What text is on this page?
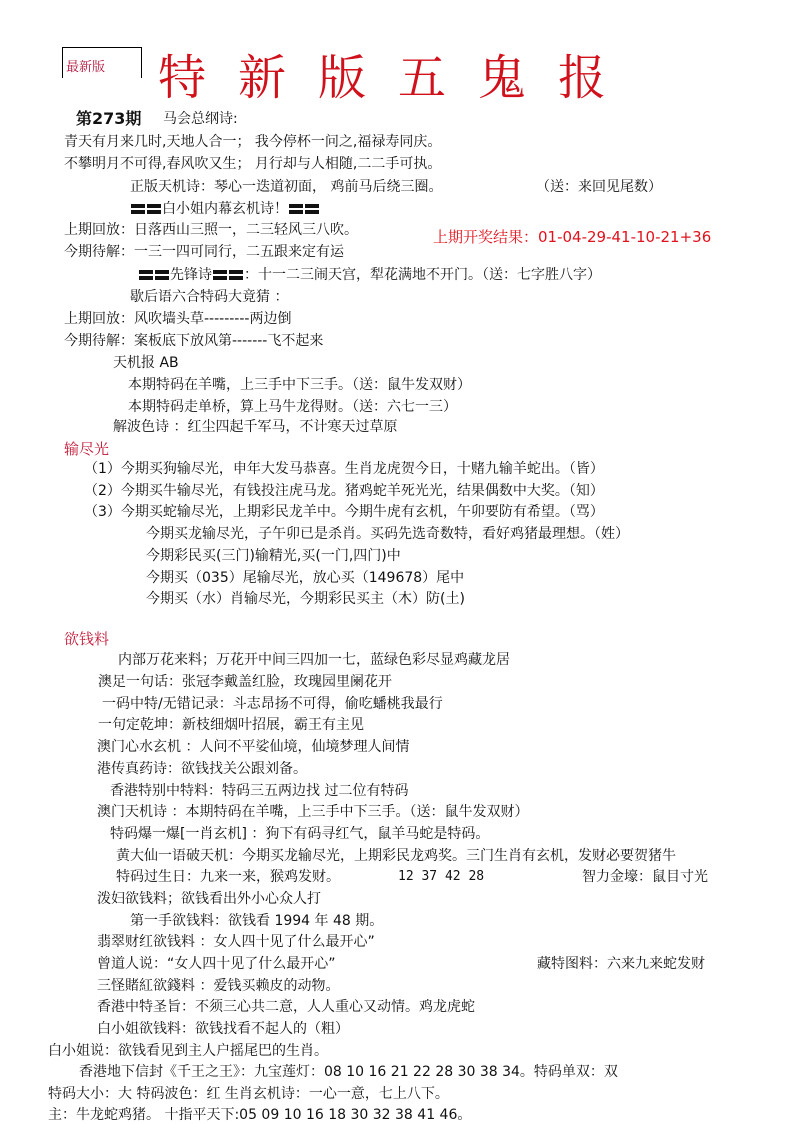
最新版 特新版五鬼报
第273期 马会总纲诗:
青天有月来几时,天地人合一； 我今停杯一问之,福禄寿同庆。
不攀明月不可得,春风吹又生； 月行却与人相随,二二手可执。
正版天机诗：琴心一迭道初面， 鸡前马后绕三圈。	（送：来回见尾数）
白小姐内幕玄机诗！
上期开奖结果：01-04-29-41-10-21+36
上期回放：日落西山三照一，二三轻风三八吹。
今期待解：一三一四可同行，二五跟来定有运
先锋诗 ：十一二三闹天宫，犁花满地不开门。（送：七字胜八字）
歇后语六合特码大竟猜 ：
上期回放：风吹墙头草---------两边倒
今期待解：案板底下放风第-------飞不起来
天机报 AB
本期特码在羊嘴，上三手中下三手。（送：鼠牛发双财）
本期特码走单桥，算上马牛龙得财。（送：六七一三）
解波色诗 ：红尘四起千军马，不计寒天过草原
输尽光
（1）今期买狗输尽光，申年大发马恭喜。生肖龙虎贺今日，十赌九输羊蛇出。（皆）
（2）今期买牛输尽光，有钱投注虎马龙。猪鸡蛇羊死光光，结果偶数中大奖。（知）
（3）今期买蛇输尽光，上期彩民龙羊中。今期牛虎有玄机，午卯要防有希望。（骂）
今期买龙输尽光，子午卯已是杀肖。买码先选奇数特，看好鸡猪最理想。（姓）
今期彩民买(三门)输精光,买(一门,四门)中
今期买（035）尾输尽光，放心买（149678）尾中
今期买（水）肖输尽光，今期彩民买主（木）防(土)
欲钱料
内部万花来料；万花开中间三四加一七，蓝绿色彩尽显鸡藏龙居
澳足一句话：张冠李戴盖红脸，玫瑰园里阑花开
一码中特/无错记录：斗志昂扬不可得，偷吃蟠桃我最行
一句定乾坤：新枝细烟叶招展，霸王有主见
澳门心水玄机 ：人问不平娑仙境，仙境梦理人间情
港传真药诗：欲钱找关公跟刘备。
香港特别中特料：特码三五两边找 过二位有特码
澳门天机诗 ：本期特码在羊嘴，上三手中下三手。（送：鼠牛发双财）
特码爆一爆[一肖玄机] ：狗下有码寻红气，鼠羊马蛇是特码。
黄大仙一语破天机：今期买龙输尽光，上期彩民龙鸡奖。三门生肖有玄机，发财必要贺猪牛
特码过生日：九来一来，猴鸡发财。	12 37 42 28	智力金壕：鼠目寸光
泼妇欲钱料；欲钱看出外小心众人打
第一手欲钱料：欲钱看 1994 年 48 期。
翡翠财红欲钱料 ：女人四十见了什么最开心”
曾道人说：“女人四十见了什么最开心”	藏特图料：六来九来蛇发财
三怪賭紅欲錢料 ：爱钱买赖皮的动物。
香港中特圣旨：不须三心共二意，人人重心又动情。鸡龙虎蛇
白小姐欲钱料：欲钱找看不起人的（粗）
白小姐说：欲钱看见到主人户摇尾巴的生肖。
香港地下信封《千王之王》：九宝莲灯：08 10 16 21 22 28 30 38 34。特码单双：双
特码大小：大 特码波色：红 生肖玄机诗：一心一意，七上八下。
主：牛龙蛇鸡猪。 十指平天下:05 09 10 16 18 30 32 38 41 46。
